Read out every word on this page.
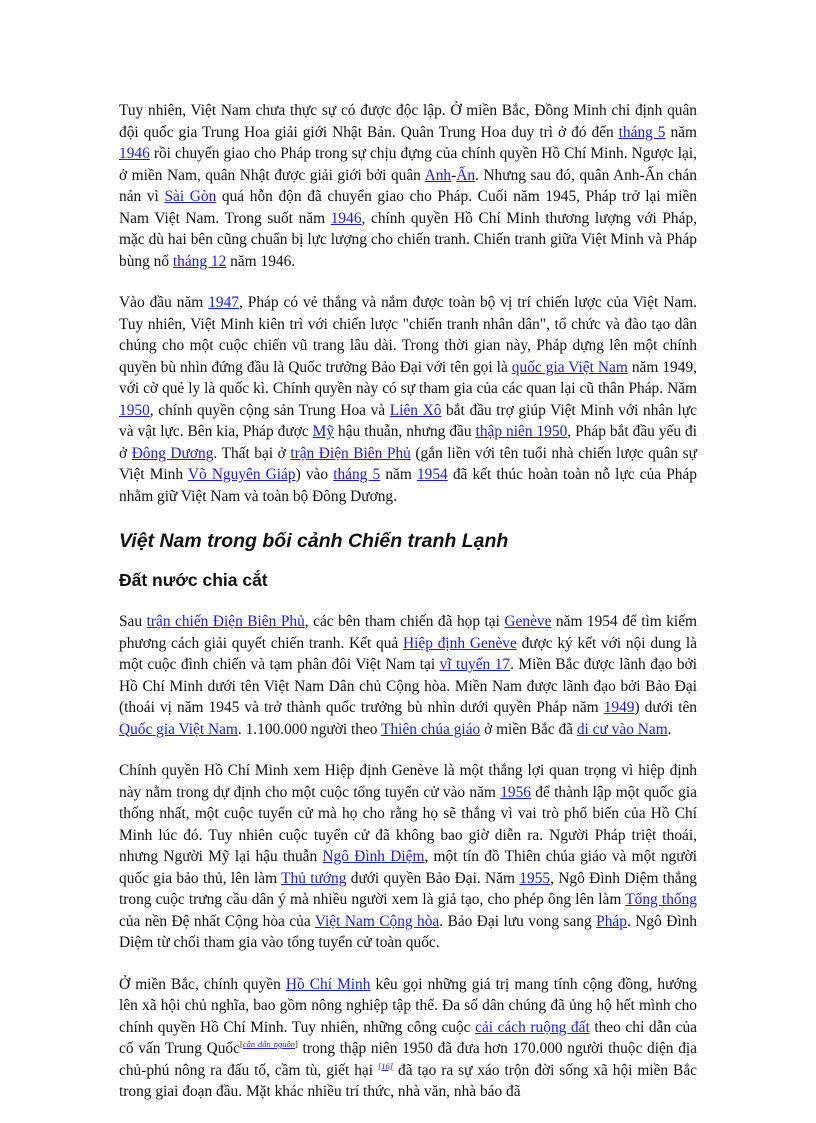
Tuy nhiên, Việt Nam chưa thực sự có được độc lập. Ở miền Bắc, Đồng Minh chỉ định quân đội quốc gia Trung Hoa giải giới Nhật Bản. Quân Trung Hoa duy trì ở đó đến tháng 5 năm 1946 rồi chuyển giao cho Pháp trong sự chịu đựng của chính quyền Hồ Chí Minh. Ngược lại, ở miền Nam, quân Nhật được giải giới bởi quân Anh-Ấn. Nhưng sau đó, quân Anh-Ấn chán nản vì Sài Gòn quá hỗn độn đã chuyển giao cho Pháp. Cuối năm 1945, Pháp trở lại miền Nam Việt Nam. Trong suốt năm 1946, chính quyền Hồ Chí Minh thương lượng với Pháp, mặc dù hai bên cũng chuẩn bị lực lượng cho chiến tranh. Chiến tranh giữa Việt Minh và Pháp bùng nổ tháng 12 năm 1946.

Vào đầu năm 1947, Pháp có vẻ thắng và nắm được toàn bộ vị trí chiến lược của Việt Nam. Tuy nhiên, Việt Minh kiên trì với chiến lược "chiến tranh nhân dân", tổ chức và đào tạo dân chúng cho một cuộc chiến vũ trang lâu dài. Trong thời gian này, Pháp dựng lên một chính quyền bù nhìn đứng đầu là Quốc trưởng Bảo Đại với tên gọi là quốc gia Việt Nam năm 1949, với cờ quẻ ly là quốc kì. Chính quyền này có sự tham gia của các quan lại cũ thân Pháp. Năm 1950, chính quyền cộng sản Trung Hoa và Liên Xô bắt đầu trợ giúp Việt Minh với nhân lực và vật lực. Bên kia, Pháp được Mỹ hậu thuẫn, nhưng đầu thập niên 1950, Pháp bắt đầu yếu đi ở Đông Dương. Thất bại ở trận Điện Biên Phủ (gắn liền với tên tuổi nhà chiến lược quân sự Việt Minh Võ Nguyên Giáp) vào tháng 5 năm 1954 đã kết thúc hoàn toàn nỗ lực của Pháp nhằm giữ Việt Nam và toàn bộ Đông Dương.

Việt Nam trong bối cảnh Chiến tranh Lạnh
Đất nước chia cắt

Sau trận chiến Điện Biên Phủ, các bên tham chiến đã họp tại Genève năm 1954 để tìm kiếm phương cách giải quyết chiến tranh. Kết quả Hiệp định Genève được ký kết với nội dung là một cuộc đình chiến và tạm phân đôi Việt Nam tại vĩ tuyến 17. Miền Bắc được lãnh đạo bởi Hồ Chí Minh dưới tên Việt Nam Dân chủ Cộng hòa. Miền Nam được lãnh đạo bởi Bảo Đại (thoái vị năm 1945 và trở thành quốc trưởng bù nhìn dưới quyền Pháp năm 1949) dưới tên Quốc gia Việt Nam. 1.100.000 người theo Thiên chúa giáo ở miền Bắc đã di cư vào Nam.

Chính quyền Hồ Chí Minh xem Hiệp định Genève là một thắng lợi quan trọng vì hiệp định này nằm trong dự định cho một cuộc tổng tuyển cử vào năm 1956 để thành lập một quốc gia thống nhất, một cuộc tuyển cử mà họ cho rằng họ sẽ thắng vì vai trò phổ biến của Hồ Chí Minh lúc đó. Tuy nhiên cuộc tuyển cử đã không bao giờ diễn ra. Người Pháp triệt thoái, nhưng Người Mỹ lại hậu thuẫn Ngô Đình Diệm, một tín đồ Thiên chúa giáo và một người quốc gia bảo thủ, lên làm Thủ tướng dưới quyền Bảo Đại. Năm 1955, Ngô Đình Diệm thắng trong cuộc trưng cầu dân ý mà nhiều người xem là giả tạo, cho phép ông lên làm Tổng thống của nền Đệ nhất Cộng hòa của Việt Nam Cộng hòa. Bảo Đại lưu vong sang Pháp. Ngô Đình Diệm từ chối tham gia vào tổng tuyển cử toàn quốc.

Ở miền Bắc, chính quyền Hồ Chí Minh kêu gọi những giá trị mang tính cộng đồng, hướng lên xã hội chủ nghĩa, bao gồm nông nghiệp tập thể. Đa số dân chúng đã ủng hộ hết mình cho chính quyền Hồ Chí Minh. Tuy nhiên, những công cuộc cải cách ruộng đất theo chỉ dẫn của cố vấn Trung Quốc[cần dẫn nguồn] trong thập niên 1950 đã đưa hơn 170.000 người thuộc diện địa chủ-phú nông ra đấu tố, cầm tù, giết hại [16] đã tạo ra sự xáo trộn đời sống xã hội miền Bắc trong giai đoạn đầu. Mặt khác nhiều trí thức, nhà văn, nhà báo đã
